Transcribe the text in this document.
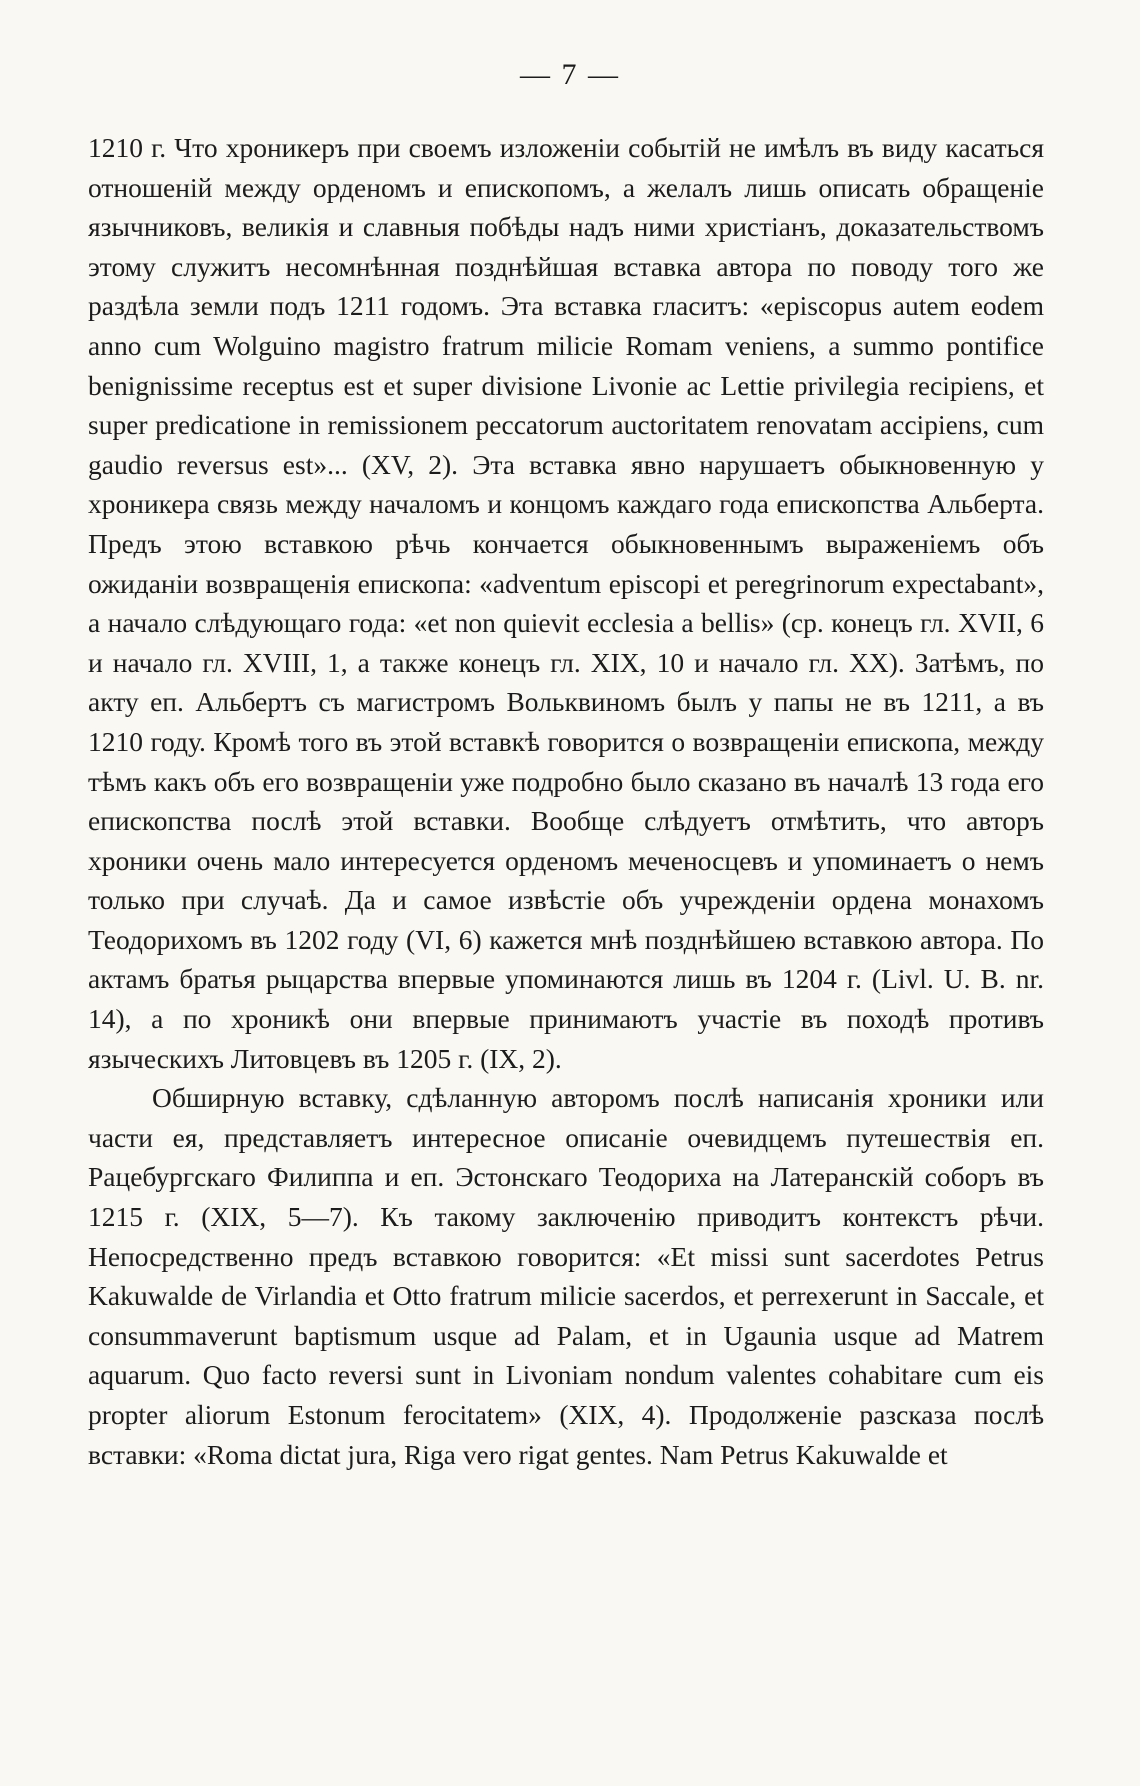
— 7 —

1210 г. Что хроникеръ при своемъ изложеніи событій не имѣлъ въ виду касаться отношеній между орденомъ и епископомъ, а желалъ лишь описать обращеніе язычниковъ, великія и славныя побѣды надъ ними христіанъ, доказательствомъ этому служитъ несомнѣнная позднѣйшая вставка автора по поводу того же раздѣла земли подъ 1211 годомъ. Эта вставка гласитъ: «episcopus autem eodem anno cum Wolguino magistro fratrum milicie Romam veniens, a summo pontifice benignissime receptus est et super divisione Livonie ac Lettie privilegia recipiens, et super predicatione in remissionem peccatorum auctoritatem renovatam accipiens, cum gaudio reversus est»... (XV, 2). Эта вставка явно нарушаетъ обыкновенную у хроникера связь между началомъ и концомъ каждаго года епископства Альберта. Предъ этою вставкою рѣчь кончается обыкновеннымъ выраженіемъ объ ожиданіи возвращенія епископа: «adventum episcopi et peregrinorum expectabant», а начало слѣдующаго года: «et non quievit ecclesia a bellis» (ср. конецъ гл. XVII, 6 и начало гл. XVIII, 1, а также конецъ гл. XIX, 10 и начало гл. XX). Затѣмъ, по акту еп. Альбертъ съ магистромъ Вольквиномъ былъ у папы не въ 1211, а въ 1210 году. Кромѣ того въ этой вставкѣ говорится о возвращеніи епископа, между тѣмъ какъ объ его возвращеніи уже подробно было сказано въ началѣ 13 года его епископства послѣ этой вставки. Вообще слѣдуетъ отмѣтить, что авторъ хроники очень мало интересуется орденомъ меченосцевъ и упоминаетъ о немъ только при случаѣ. Да и самое извѣстіе объ учрежденіи ордена монахомъ Теодорихомъ въ 1202 году (VI, 6) кажется мнѣ позднѣйшею вставкою автора. По актамъ братья рыцарства впервые упоминаются лишь въ 1204 г. (Livl. U. B. nr. 14), а по хроникѣ они впервые принимаютъ участіе въ походѣ противъ языческихъ Литовцевъ въ 1205 г. (IX, 2).

Обширную вставку, сдѣланную авторомъ послѣ написанія хроники или части ея, представляетъ интересное описаніе очевидцемъ путешествія еп. Рацебургскаго Филиппа и еп. Эстонскаго Теодориха на Латеранскій соборъ въ 1215 г. (XIX, 5—7). Къ такому заключенію приводитъ контекстъ рѣчи. Непосредственно предъ вставкою говорится: «Et missi sunt sacerdotes Petrus Kakuwalde de Virlandia et Otto fratrum milicie sacerdos, et perrexerunt in Saccale, et consummaverunt baptismum usque ad Palam, et in Ugaunia usque ad Matrem aquarum. Quo facto reversi sunt in Livoniam nondum valentes cohabitare cum eis propter aliorum Estonum ferocitatem» (XIX, 4). Продолженіе разсказа послѣ вставки: «Roma dictat jura, Riga vero rigat gentes. Nam Petrus Kakuwalde et
